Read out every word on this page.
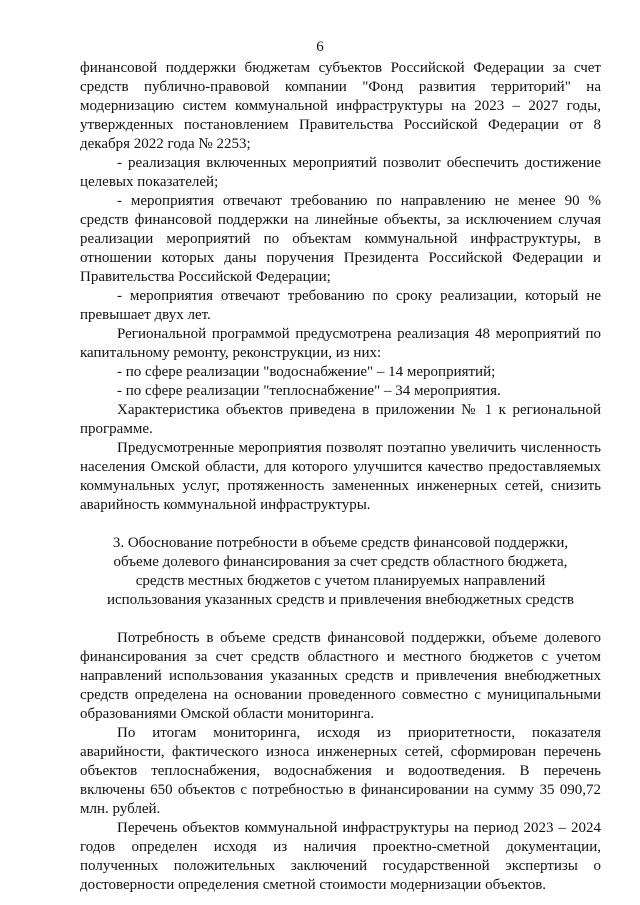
6

финансовой поддержки бюджетам субъектов Российской Федерации за счет средств публично-правовой компании "Фонд развития территорий" на модернизацию систем коммунальной инфраструктуры на 2023 – 2027 годы, утвержденных постановлением Правительства Российской Федерации от 8 декабря 2022 года № 2253;

- реализация включенных мероприятий позволит обеспечить достижение целевых показателей;

- мероприятия отвечают требованию по направлению не менее 90 % средств финансовой поддержки на линейные объекты, за исключением случая реализации мероприятий по объектам коммунальной инфраструктуры, в отношении которых даны поручения Президента Российской Федерации и Правительства Российской Федерации;

- мероприятия отвечают требованию по сроку реализации, который не превышает двух лет.

Региональной программой предусмотрена реализация 48 мероприятий по капитальному ремонту, реконструкции, из них:

- по сфере реализации "водоснабжение" – 14 мероприятий;

- по сфере реализации "теплоснабжение" – 34 мероприятия.

Характеристика объектов приведена в приложении № 1 к региональной программе.

Предусмотренные мероприятия позволят поэтапно увеличить численность населения Омской области, для которого улучшится качество предоставляемых коммунальных услуг, протяженность замененных инженерных сетей, снизить аварийность коммунальной инфраструктуры.

3. Обоснование потребности в объеме средств финансовой поддержки, объеме долевого финансирования за счет средств областного бюджета, средств местных бюджетов с учетом планируемых направлений использования указанных средств и привлечения внебюджетных средств

Потребность в объеме средств финансовой поддержки, объеме долевого финансирования за счет средств областного и местного бюджетов с учетом направлений использования указанных средств и привлечения внебюджетных средств определена на основании проведенного совместно с муниципальными образованиями Омской области мониторинга.

По итогам мониторинга, исходя из приоритетности, показателя аварийности, фактического износа инженерных сетей, сформирован перечень объектов теплоснабжения, водоснабжения и водоотведения. В перечень включены 650 объектов с потребностью в финансировании на сумму 35 090,72 млн. рублей.

Перечень объектов коммунальной инфраструктуры на период 2023 – 2024 годов определен исходя из наличия проектно-сметной документации, полученных положительных заключений государственной экспертизы о достоверности определения сметной стоимости модернизации объектов.
